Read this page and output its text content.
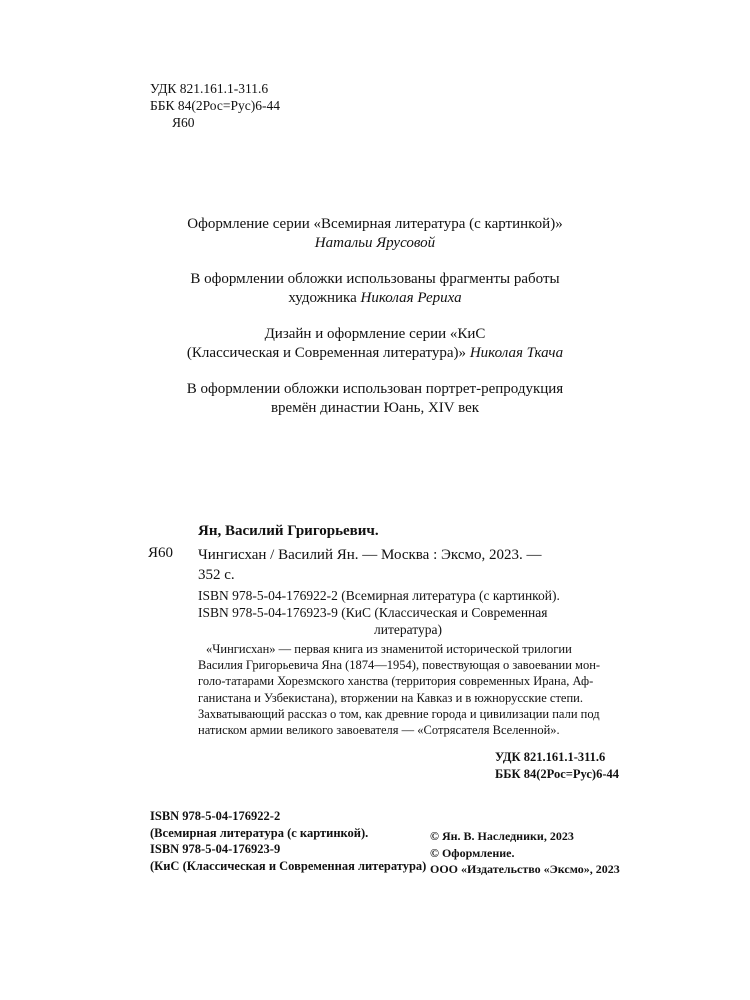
УДК 821.161.1-311.6
ББК 84(2Рос=Рус)6-44
Я60

Оформление серии «Всемирная литература (с картинкой)»

Натальи Ярусовой

В оформлении обложки использованы фрагменты работы

художника Николая Рериха

Дизайн и оформление серии «КиС

(Классическая и Современная литература)» Николая Ткача

В оформлении обложки использован портрет-репродукция

времён династии Юань, XIV век

Ян, Василий Григорьевич.
Я60 Чингисхан / Василий Ян. — Москва : Эксмо, 2023. —
352 с.
ISBN 978-5-04-176922-2 (Всемирная литература (с картинкой).
ISBN 978-5-04-176923-9 (КиС (Классическая и Современная
литература)
«Чингисхан» — первая книга из знаменитой исторической трилогии
Василия Григорьевича Яна (1874—1954), повествующая о завоевании мон-
голо-татарами Хорезмского ханства (территория современных Ирана, Аф-
ганистана и Узбекистана), вторжении на Кавказ и в южнорусские степи.
Захватывающий рассказ о том, как древние города и цивилизации пали под
натиском армии великого завоевателя — «Сотрясателя Вселенной».
УДК 821.161.1-311.6
ББК 84(2Рос=Рус)6-44
ISBN 978-5-04-176922-2
(Всемирная литература (с картинкой).
ISBN 978-5-04-176923-9
(КиС (Классическая и Современная литература)
© Ян. В. Наследники, 2023
© Оформление.
ООО «Издательство «Эксмо», 2023
